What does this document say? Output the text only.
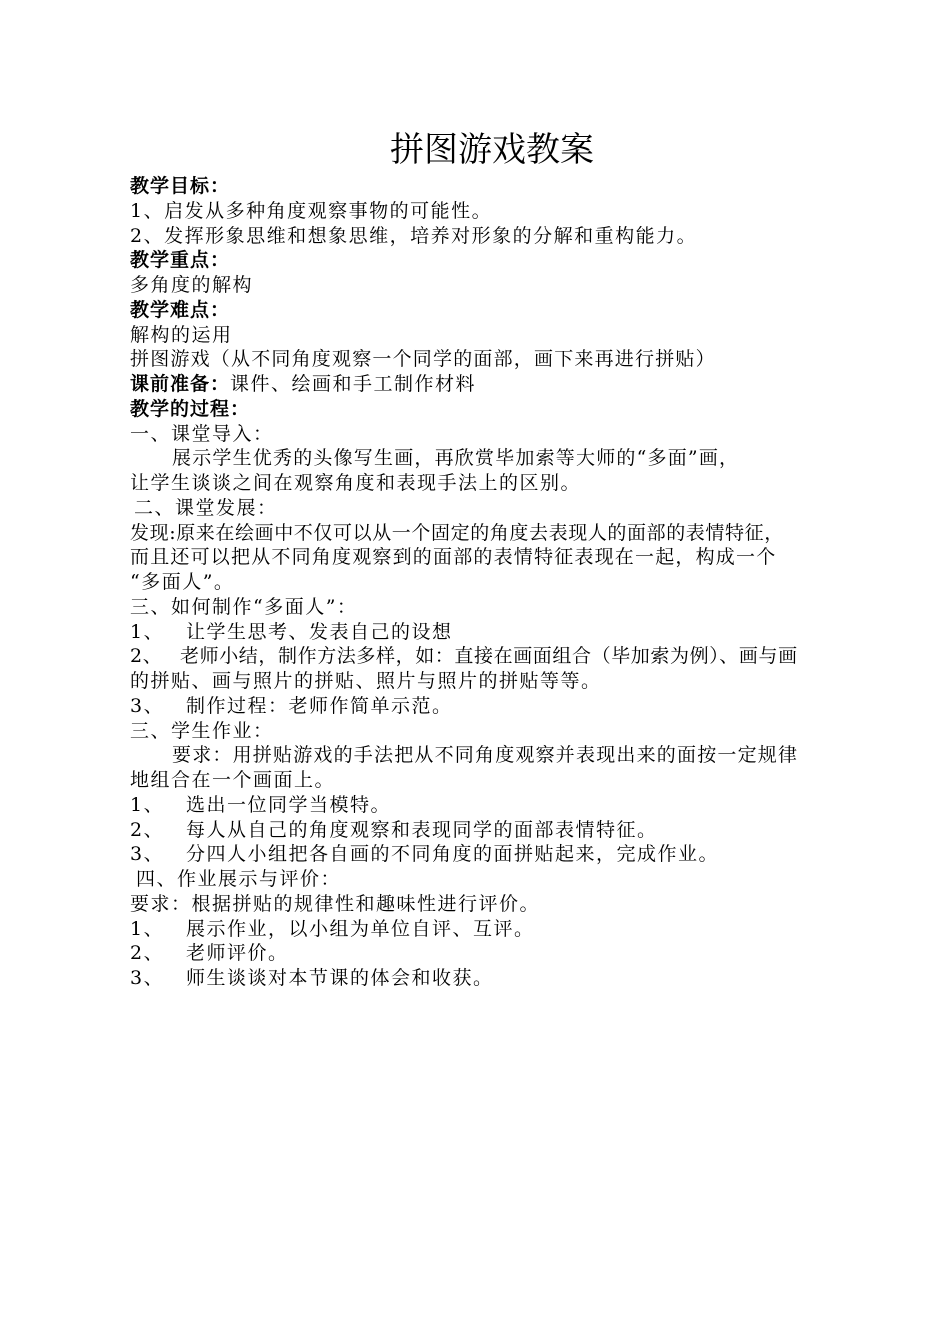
拼图游戏教案
教学目标：
1、启发从多种角度观察事物的可能性。
2、发挥形象思维和想象思维，培养对形象的分解和重构能力。
教学重点：
多角度的解构
教学难点：
解构的运用
拼图游戏（从不同角度观察一个同学的面部，画下来再进行拼贴）
课前准备：课件、绘画和手工制作材料
教学的过程：
一、课堂导入：
展示学生优秀的头像写生画，再欣赏毕加索等大师的“多面”画，
让学生谈谈之间在观察角度和表现手法上的区别。
二、课堂发展：
发现:原来在绘画中不仅可以从一个固定的角度去表现人的面部的表情特征，
而且还可以把从不同角度观察到的面部的表情特征表现在一起，构成一个
“多面人”。
三、如何制作“多面人”：
1、 让学生思考、发表自己的设想
2、 老师小结，制作方法多样，如：直接在画面组合（毕加索为例）、画与画
的拼贴、画与照片的拼贴、照片与照片的拼贴等等。
3、 制作过程：老师作简单示范。
三、学生作业：
要求：用拼贴游戏的手法把从不同角度观察并表现出来的面按一定规律
地组合在一个画面上。
1、 选出一位同学当模特。
2、 每人从自己的角度观察和表现同学的面部表情特征。
3、 分四人小组把各自画的不同角度的面拼贴起来，完成作业。
四、作业展示与评价：
要求：根据拼贴的规律性和趣味性进行评价。
1、 展示作业，以小组为单位自评、互评。
2、 老师评价。
3、 师生谈谈对本节课的体会和收获。
